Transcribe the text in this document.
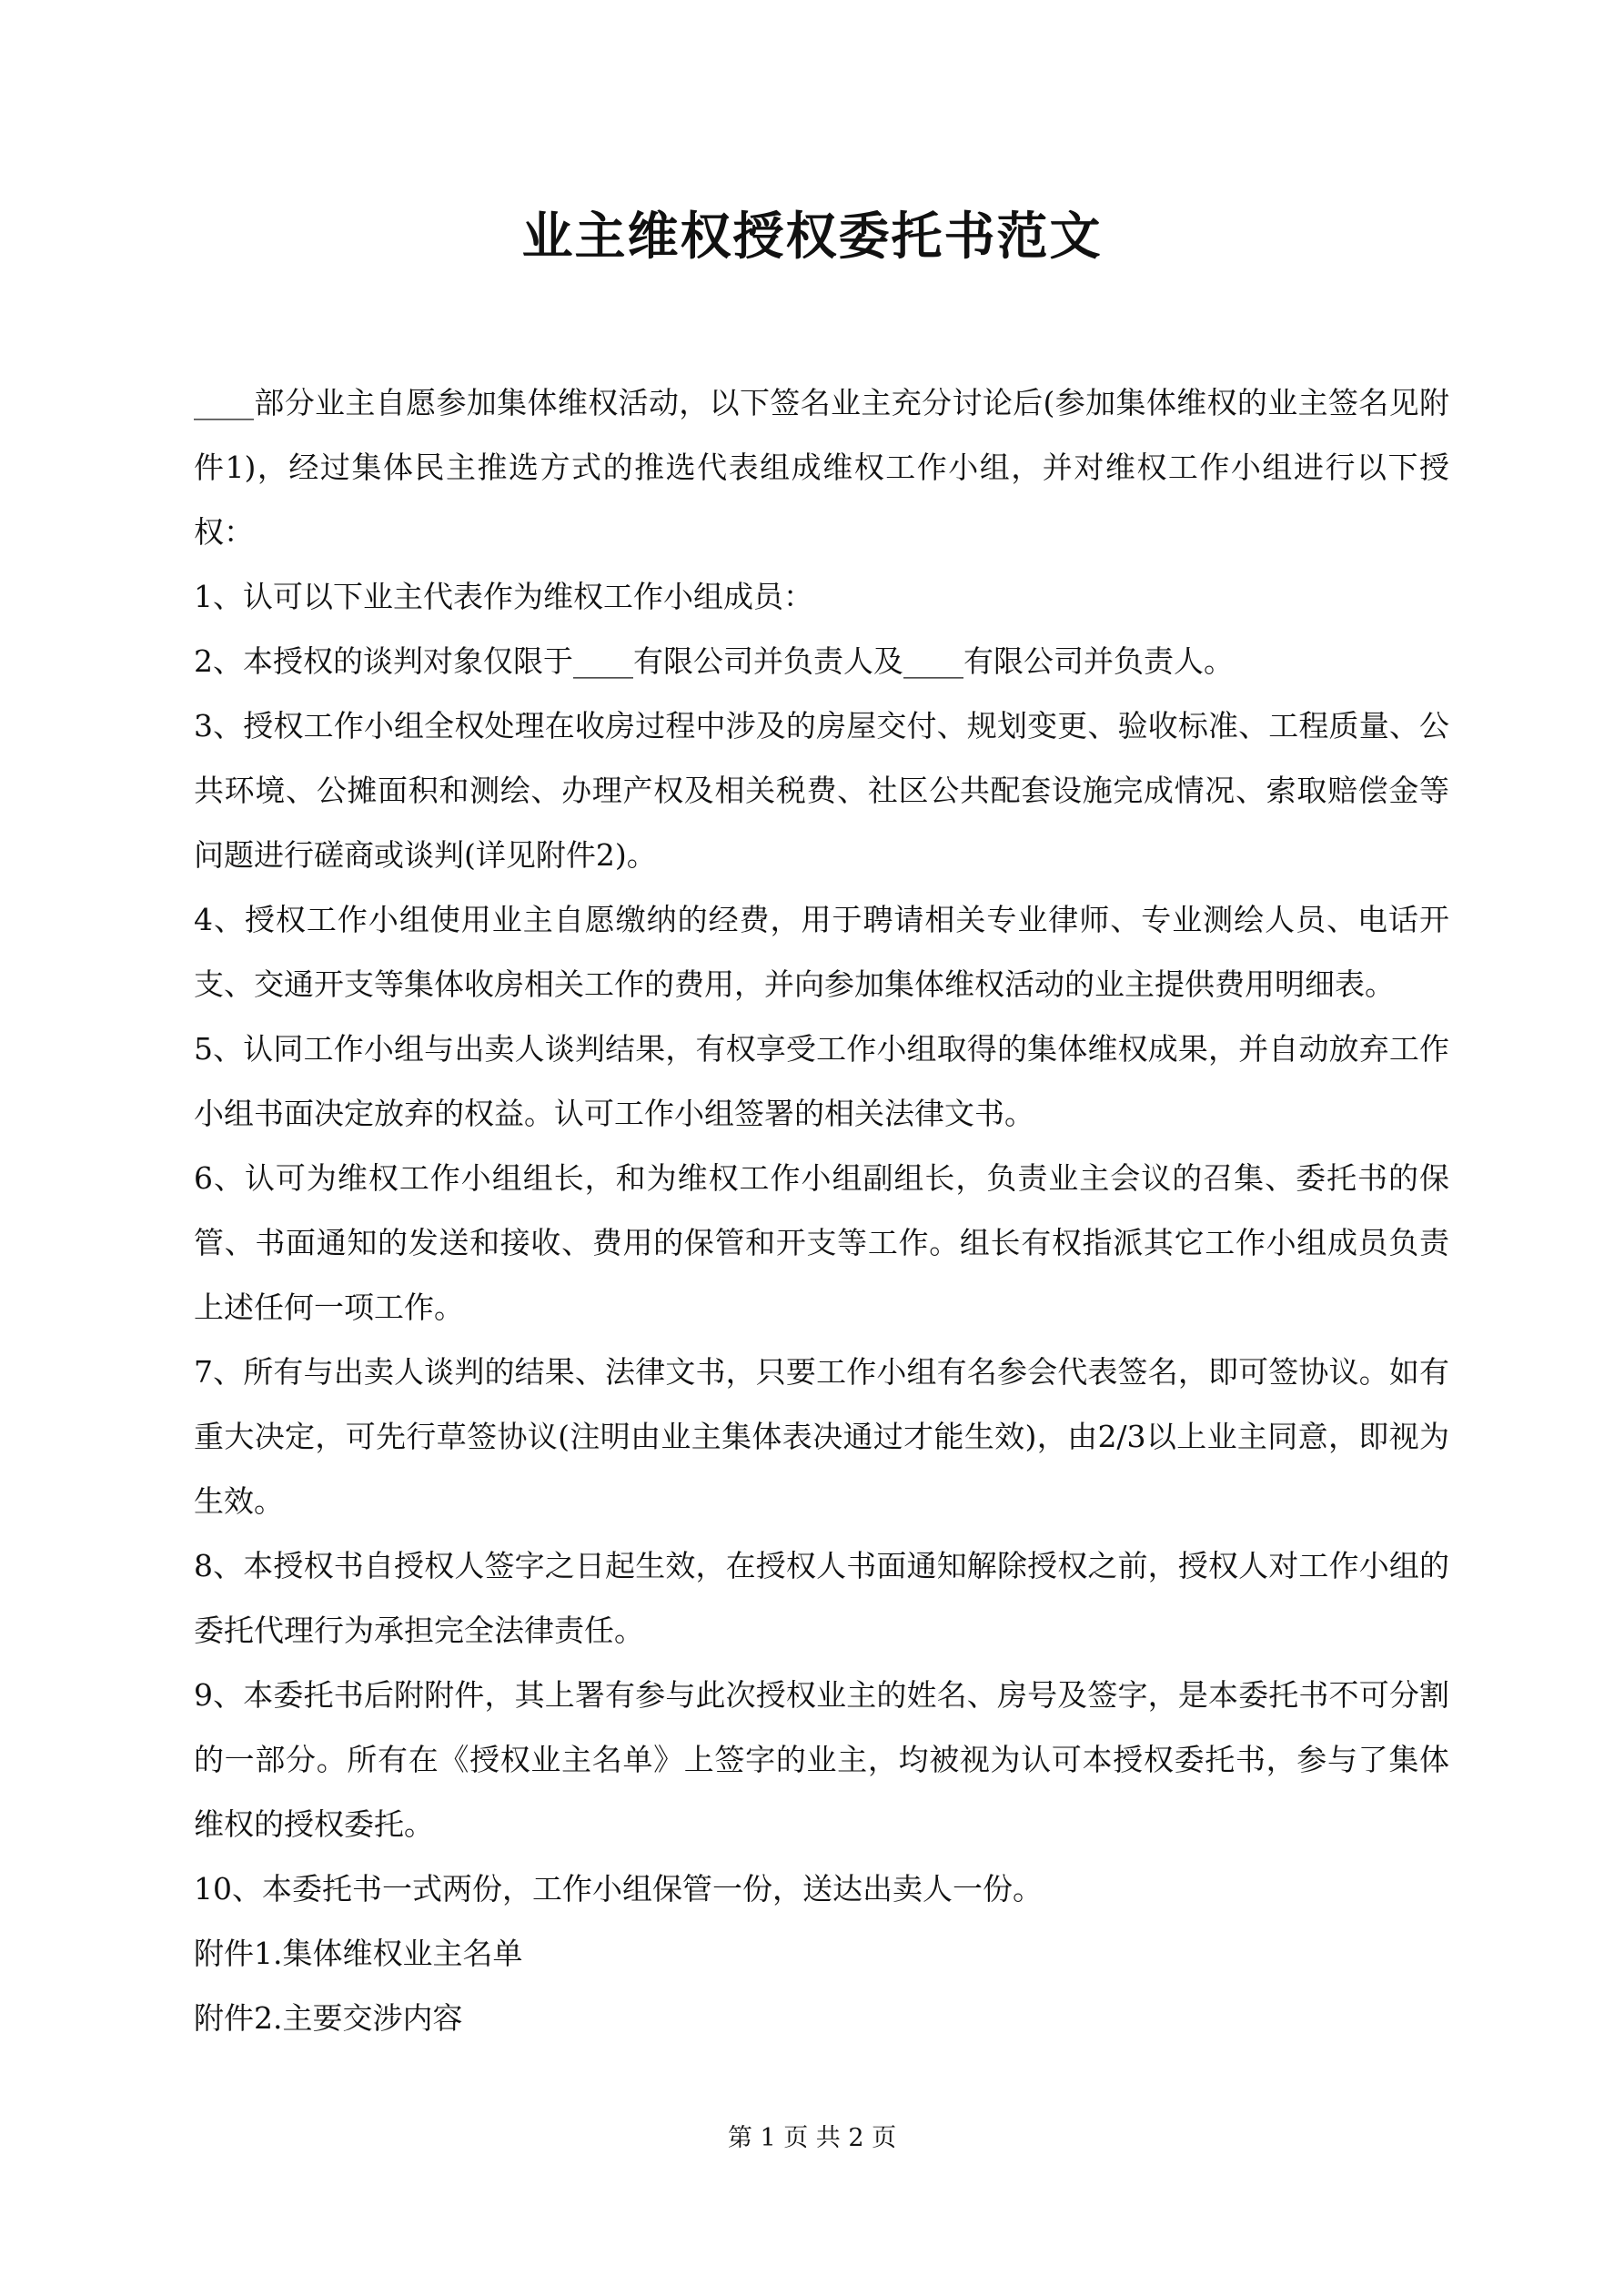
业主维权授权委托书范文

____部分业主自愿参加集体维权活动，以下签名业主充分讨论后(参加集体维权的业主签名见附件1)，经过集体民主推选方式的推选代表组成维权工作小组，并对维权工作小组进行以下授权：

1、认可以下业主代表作为维权工作小组成员：

2、本授权的谈判对象仅限于____有限公司并负责人及____有限公司并负责人。

3、授权工作小组全权处理在收房过程中涉及的房屋交付、规划变更、验收标准、工程质量、公共环境、公摊面积和测绘、办理产权及相关税费、社区公共配套设施完成情况、索取赔偿金等问题进行磋商或谈判(详见附件2)。

4、授权工作小组使用业主自愿缴纳的经费，用于聘请相关专业律师、专业测绘人员、电话开支、交通开支等集体收房相关工作的费用，并向参加集体维权活动的业主提供费用明细表。

5、认同工作小组与出卖人谈判结果，有权享受工作小组取得的集体维权成果，并自动放弃工作小组书面决定放弃的权益。认可工作小组签署的相关法律文书。

6、认可为维权工作小组组长，和为维权工作小组副组长，负责业主会议的召集、委托书的保管、书面通知的发送和接收、费用的保管和开支等工作。组长有权指派其它工作小组成员负责上述任何一项工作。

7、所有与出卖人谈判的结果、法律文书，只要工作小组有名参会代表签名，即可签协议。如有重大决定，可先行草签协议(注明由业主集体表决通过才能生效)，由2/3以上业主同意，即视为生效。

8、本授权书自授权人签字之日起生效，在授权人书面通知解除授权之前，授权人对工作小组的委托代理行为承担完全法律责任。

9、本委托书后附附件，其上署有参与此次授权业主的姓名、房号及签字，是本委托书不可分割的一部分。所有在《授权业主名单》上签字的业主，均被视为认可本授权委托书，参与了集体维权的授权委托。

10、本委托书一式两份，工作小组保管一份，送达出卖人一份。

附件1.集体维权业主名单

附件2.主要交涉内容

第 1 页 共 2 页
